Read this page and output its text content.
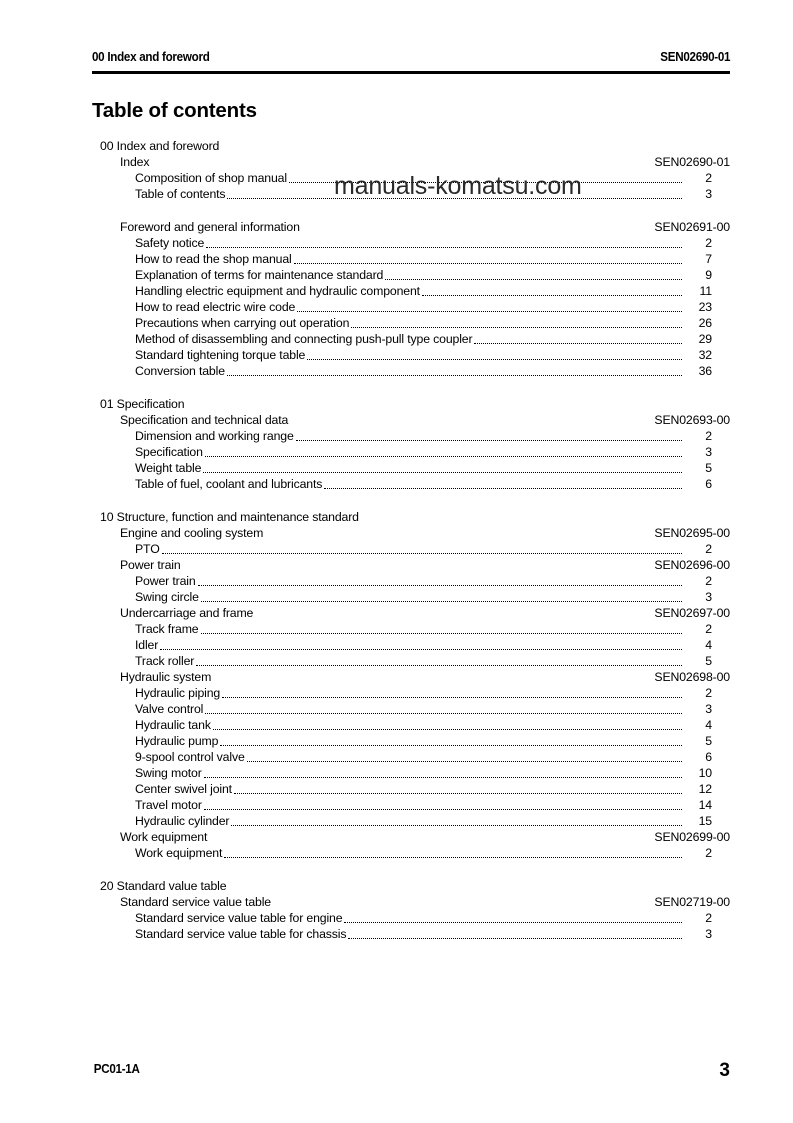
00 Index and foreword	SEN02690-01
Table of contents
00 Index and foreword
Index	SEN02690-01
Composition of shop manual	2
Table of contents	3
Foreword and general information	SEN02691-00
Safety notice	2
How to read the shop manual	7
Explanation of terms for maintenance standard	9
Handling electric equipment and hydraulic component	11
How to read electric wire code	23
Precautions when carrying out operation	26
Method of disassembling and connecting push-pull type coupler	29
Standard tightening torque table	32
Conversion table	36
01 Specification
Specification and technical data	SEN02693-00
Dimension and working range	2
Specification	3
Weight table	5
Table of fuel, coolant and lubricants	6
10 Structure, function and maintenance standard
Engine and cooling system	SEN02695-00
PTO	2
Power train	SEN02696-00
Power train	2
Swing circle	3
Undercarriage and frame	SEN02697-00
Track frame	2
Idler	4
Track roller	5
Hydraulic system	SEN02698-00
Hydraulic piping	2
Valve control	3
Hydraulic tank	4
Hydraulic pump	5
9-spool control valve	6
Swing motor	10
Center swivel joint	12
Travel motor	14
Hydraulic cylinder	15
Work equipment	SEN02699-00
Work equipment	2
20 Standard value table
Standard service value table	SEN02719-00
Standard service value table for engine	2
Standard service value table for chassis	3
manuals-komatsu.com
PC01-1A	3
